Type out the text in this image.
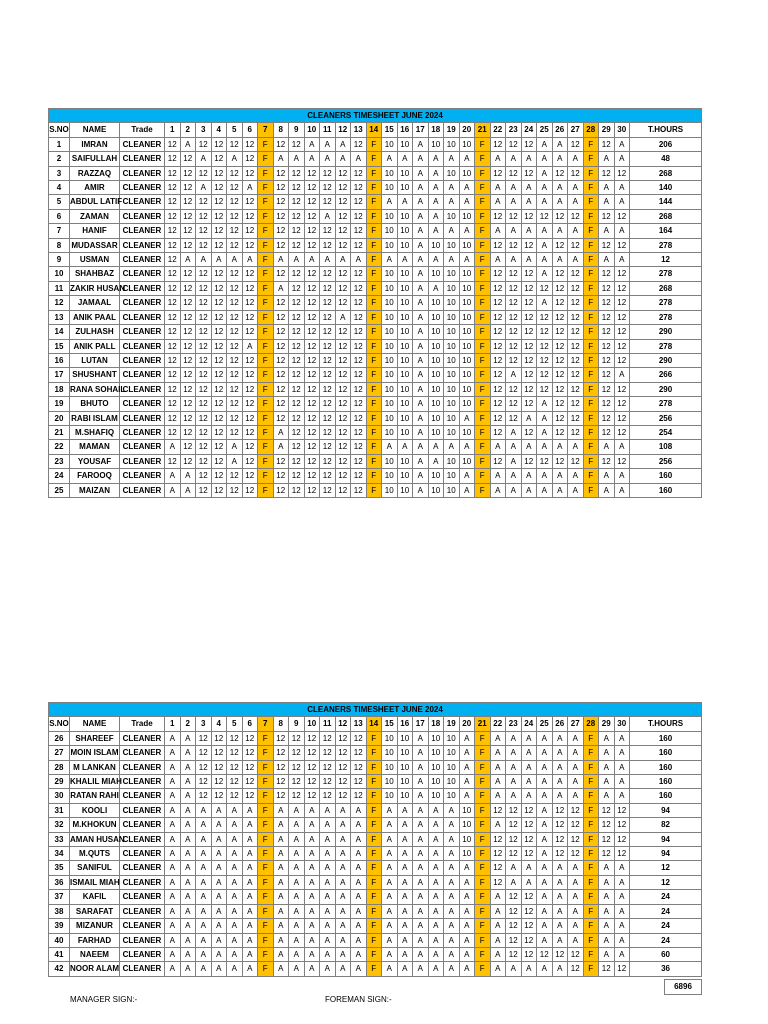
CLEANERS TIMESHEET JUNE 2024																																	
S.NO	NAME	Trade	1	2	3	4	5	6	7	8	9	10	11	12	13	14	15	16	17	18	19	20	21	22	23	24	25	26	27	28	29	30	T.HOURS
1	IMRAN	CLEANER	12	A	12	12	12	12	F	12	12	A	A	A	12	F	10	10	A	10	10	10	F	12	12	12	A	A	12	F	12	A	206
2	SAIFULLAH	CLEANER	12	12	A	12	A	12	F	A	A	A	A	A	A	F	A	A	A	A	A	A	F	A	A	A	A	A	A	F	A	A	48
3	RAZZAQ	CLEANER	12	12	12	12	12	12	F	12	12	12	12	12	12	F	10	10	A	A	10	10	F	12	12	12	A	12	12	F	12	12	268
4	AMIR	CLEANER	12	12	A	12	12	A	F	12	12	12	12	12	12	F	10	10	A	A	A	A	F	A	A	A	A	A	A	F	A	A	140
5	ABDUL LATIF	CLEANER	12	12	12	12	12	12	F	12	12	12	12	12	12	F	A	A	A	A	A	A	F	A	A	A	A	A	A	F	A	A	144
6	ZAMAN	CLEANER	12	12	12	12	12	12	F	12	12	12	A	12	12	F	10	10	A	A	10	10	F	12	12	12	12	12	12	F	12	12	268
7	HANIF	CLEANER	12	12	12	12	12	12	F	12	12	12	12	12	12	F	10	10	A	A	A	A	F	A	A	A	A	A	A	F	A	A	164
8	MUDASSAR	CLEANER	12	12	12	12	12	12	F	12	12	12	12	12	12	F	10	10	A	10	10	10	F	12	12	12	A	12	12	F	12	12	278
9	USMAN	CLEANER	12	A	A	A	A	A	F	A	A	A	A	A	A	F	A	A	A	A	A	A	F	A	A	A	A	A	A	F	A	A	12
10	SHAHBAZ	CLEANER	12	12	12	12	12	12	F	12	12	12	12	12	12	F	10	10	A	10	10	10	F	12	12	12	A	12	12	F	12	12	278
11	ZAKIR HUSAN	CLEANER	12	12	12	12	12	12	F	A	12	12	12	12	12	F	10	10	A	A	10	10	F	12	12	12	12	12	12	F	12	12	268
12	JAMAAL	CLEANER	12	12	12	12	12	12	F	12	12	12	12	12	12	F	10	10	A	10	10	10	F	12	12	12	A	12	12	F	12	12	278
13	ANIK PAAL	CLEANER	12	12	12	12	12	12	F	12	12	12	12	A	12	F	10	10	A	10	10	10	F	12	12	12	12	12	12	F	12	12	278
14	ZULHASH	CLEANER	12	12	12	12	12	12	F	12	12	12	12	12	12	F	10	10	A	10	10	10	F	12	12	12	12	12	12	F	12	12	290
15	ANIK PALL	CLEANER	12	12	12	12	12	A	F	12	12	12	12	12	12	F	10	10	A	10	10	10	F	12	12	12	12	12	12	F	12	12	278
16	LUTAN	CLEANER	12	12	12	12	12	12	F	12	12	12	12	12	12	F	10	10	A	10	10	10	F	12	12	12	12	12	12	F	12	12	290
17	SHUSHANT	CLEANER	12	12	12	12	12	12	F	12	12	12	12	12	12	F	10	10	A	10	10	10	F	12	A	12	12	12	12	F	12	A	266
18	RANA SOHAIL	CLEANER	12	12	12	12	12	12	F	12	12	12	12	12	12	F	10	10	A	10	10	10	F	12	12	12	12	12	12	F	12	12	290
19	BHUTO	CLEANER	12	12	12	12	12	12	F	12	12	12	12	12	12	F	10	10	A	10	10	10	F	12	12	12	A	12	12	F	12	12	278
20	RABI ISLAM	CLEANER	12	12	12	12	12	12	F	12	12	12	12	12	12	F	10	10	A	10	10	A	F	12	12	A	A	12	12	F	12	12	256
21	M.SHAFIQ	CLEANER	12	12	12	12	12	12	F	A	12	12	12	12	12	F	10	10	A	10	10	10	F	12	A	12	A	12	12	F	12	12	254
22	MAMAN	CLEANER	A	12	12	12	A	12	F	A	12	12	12	12	12	F	A	A	A	A	A	A	F	A	A	A	A	A	A	F	A	A	108
23	YOUSAF	CLEANER	12	12	12	12	A	12	F	12	12	12	12	12	12	F	10	10	A	A	10	10	F	12	A	12	12	12	12	F	12	12	256
24	FAROOQ	CLEANER	A	A	12	12	12	12	F	12	12	12	12	12	12	F	10	10	A	10	10	A	F	A	A	A	A	A	A	F	A	A	160
25	MAIZAN	CLEANER	A	A	12	12	12	12	F	12	12	12	12	12	12	F	10	10	A	10	10	A	F	A	A	A	A	A	A	F	A	A	160
CLEANERS TIMESHEET JUNE 2024																																	
S.NO	NAME	Trade	1	2	3	4	5	6	7	8	9	10	11	12	13	14	15	16	17	18	19	20	21	22	23	24	25	26	27	28	29	30	T.HOURS
26	SHAREEF	CLEANER	A	A	12	12	12	12	F	12	12	12	12	12	12	F	10	10	A	10	10	A	F	A	A	A	A	A	A	F	A	A	160
27	MOIN ISLAM	CLEANER	A	A	12	12	12	12	F	12	12	12	12	12	12	F	10	10	A	10	10	A	F	A	A	A	A	A	A	F	A	A	160
28	M LANKAN	CLEANER	A	A	12	12	12	12	F	12	12	12	12	12	12	F	10	10	A	10	10	A	F	A	A	A	A	A	A	F	A	A	160
29	KHALIL MIAH	CLEANER	A	A	12	12	12	12	F	12	12	12	12	12	12	F	10	10	A	10	10	A	F	A	A	A	A	A	A	F	A	A	160
30	RATAN RAHI	CLEANER	A	A	12	12	12	12	F	12	12	12	12	12	12	F	10	10	A	10	10	A	F	A	A	A	A	A	A	F	A	A	160
31	KOOLI	CLEANER	A	A	A	A	A	A	F	A	A	A	A	A	A	F	A	A	A	A	A	10	F	12	12	12	A	12	12	F	12	12	94
32	M.KHOKUN	CLEANER	A	A	A	A	A	A	F	A	A	A	A	A	A	F	A	A	A	A	A	10	F	A	12	12	A	12	12	F	12	12	82
33	AMAN HUSAN	CLEANER	A	A	A	A	A	A	F	A	A	A	A	A	A	F	A	A	A	A	A	10	F	12	12	12	A	12	12	F	12	12	94
34	M.QUTS	CLEANER	A	A	A	A	A	A	F	A	A	A	A	A	A	F	A	A	A	A	A	10	F	12	12	12	A	12	12	F	12	12	94
35	SANIFUL	CLEANER	A	A	A	A	A	A	F	A	A	A	A	A	A	F	A	A	A	A	A	A	F	12	A	A	A	A	A	F	A	A	12
36	ISMAIL MIAH	CLEANER	A	A	A	A	A	A	F	A	A	A	A	A	A	F	A	A	A	A	A	A	F	12	A	A	A	A	A	F	A	A	12
37	KAFIL	CLEANER	A	A	A	A	A	A	F	A	A	A	A	A	A	F	A	A	A	A	A	A	F	A	12	12	A	A	A	F	A	A	24
38	SARAFAT	CLEANER	A	A	A	A	A	A	F	A	A	A	A	A	A	F	A	A	A	A	A	A	F	A	12	12	A	A	A	F	A	A	24
39	MIZANUR	CLEANER	A	A	A	A	A	A	F	A	A	A	A	A	A	F	A	A	A	A	A	A	F	A	12	12	A	A	A	F	A	A	24
40	FARHAD	CLEANER	A	A	A	A	A	A	F	A	A	A	A	A	A	F	A	A	A	A	A	A	F	A	12	12	A	A	A	F	A	A	24
41	NAEEM	CLEANER	A	A	A	A	A	A	F	A	A	A	A	A	A	F	A	A	A	A	A	A	F	A	12	12	12	12	12	F	A	A	60
42	NOOR ALAM	CLEANER	A	A	A	A	A	A	F	A	A	A	A	A	A	F	A	A	A	A	A	A	F	A	A	A	A	A	12	F	12	12	36
6896
MANAGER SIGN:-	FOREMAN SIGN:-
